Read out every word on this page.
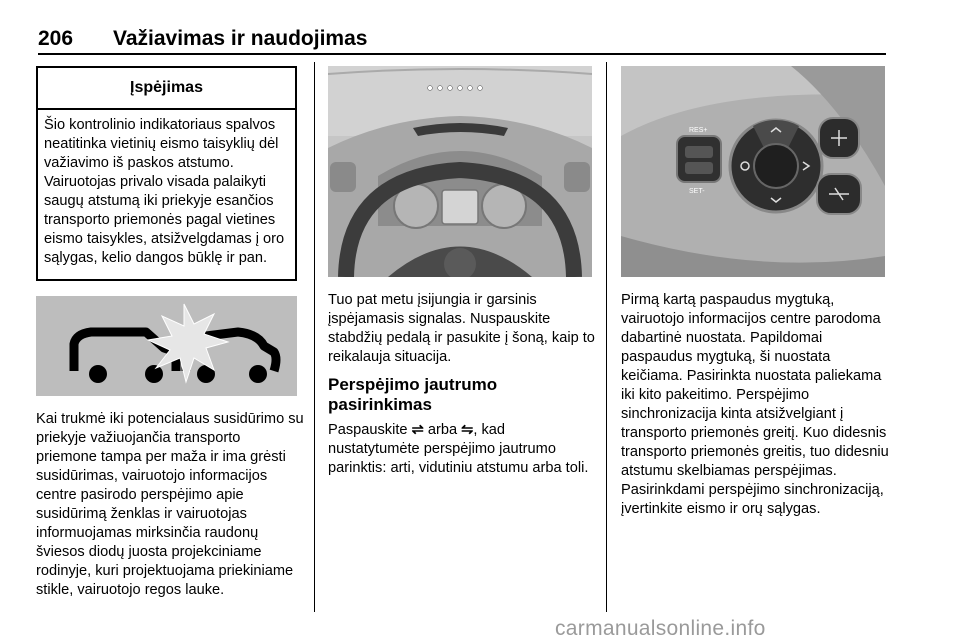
206 Važiavimas ir naudojimas
Įspėjimas
Šio kontrolinio indikatoriaus spalvos neatitinka vietinių eismo taisyklių dėl važiavimo iš paskos atstumo. Vairuotojas privalo visada palaikyti saugų atstumą iki priekyje esančios transporto priemonės pagal vietines eismo taisykles, atsižvelgdamas į oro sąlygas, kelio dangos būklę ir pan.
Kai trukmė iki potencialaus susidūrimo su priekyje važiuojančia transporto priemone tampa per maža ir ima grėsti susidūrimas, vairuotojo informacijos centre pasirodo perspėjimo apie susidūrimą ženklas ir vairuotojas informuojamas mirksinčia raudonų šviesos diodų juosta projekciniame rodinyje, kuri projektuojama priekiniame stikle, vairuotojo regos lauke.
Tuo pat metu įsijungia ir garsinis įspėjamasis signalas. Nuspauskite stabdžių pedalą ir pasukite į šoną, kaip to reikalauja situacija.
Perspėjimo jautrumo pasirinkimas
Paspauskite ⇌ arba ⇋, kad nustatytumėte perspėjimo jautrumo parinktis: arti, vidutiniu atstumu arba toli.
RES+
SET-
Pirmą kartą paspaudus mygtuką, vairuotojo informacijos centre parodoma dabartinė nuostata. Papildomai paspaudus mygtuką, ši nuostata keičiama. Pasirinkta nuostata paliekama iki kito pakeitimo. Perspėjimo sinchronizacija kinta atsižvelgiant į transporto priemonės greitį. Kuo didesnis transporto priemonės greitis, tuo didesniu atstumu skelbiamas perspėjimas. Pasirinkdami perspėjimo sinchronizaciją, įvertinkite eismo ir orų sąlygas.
carmanualsonline.info
